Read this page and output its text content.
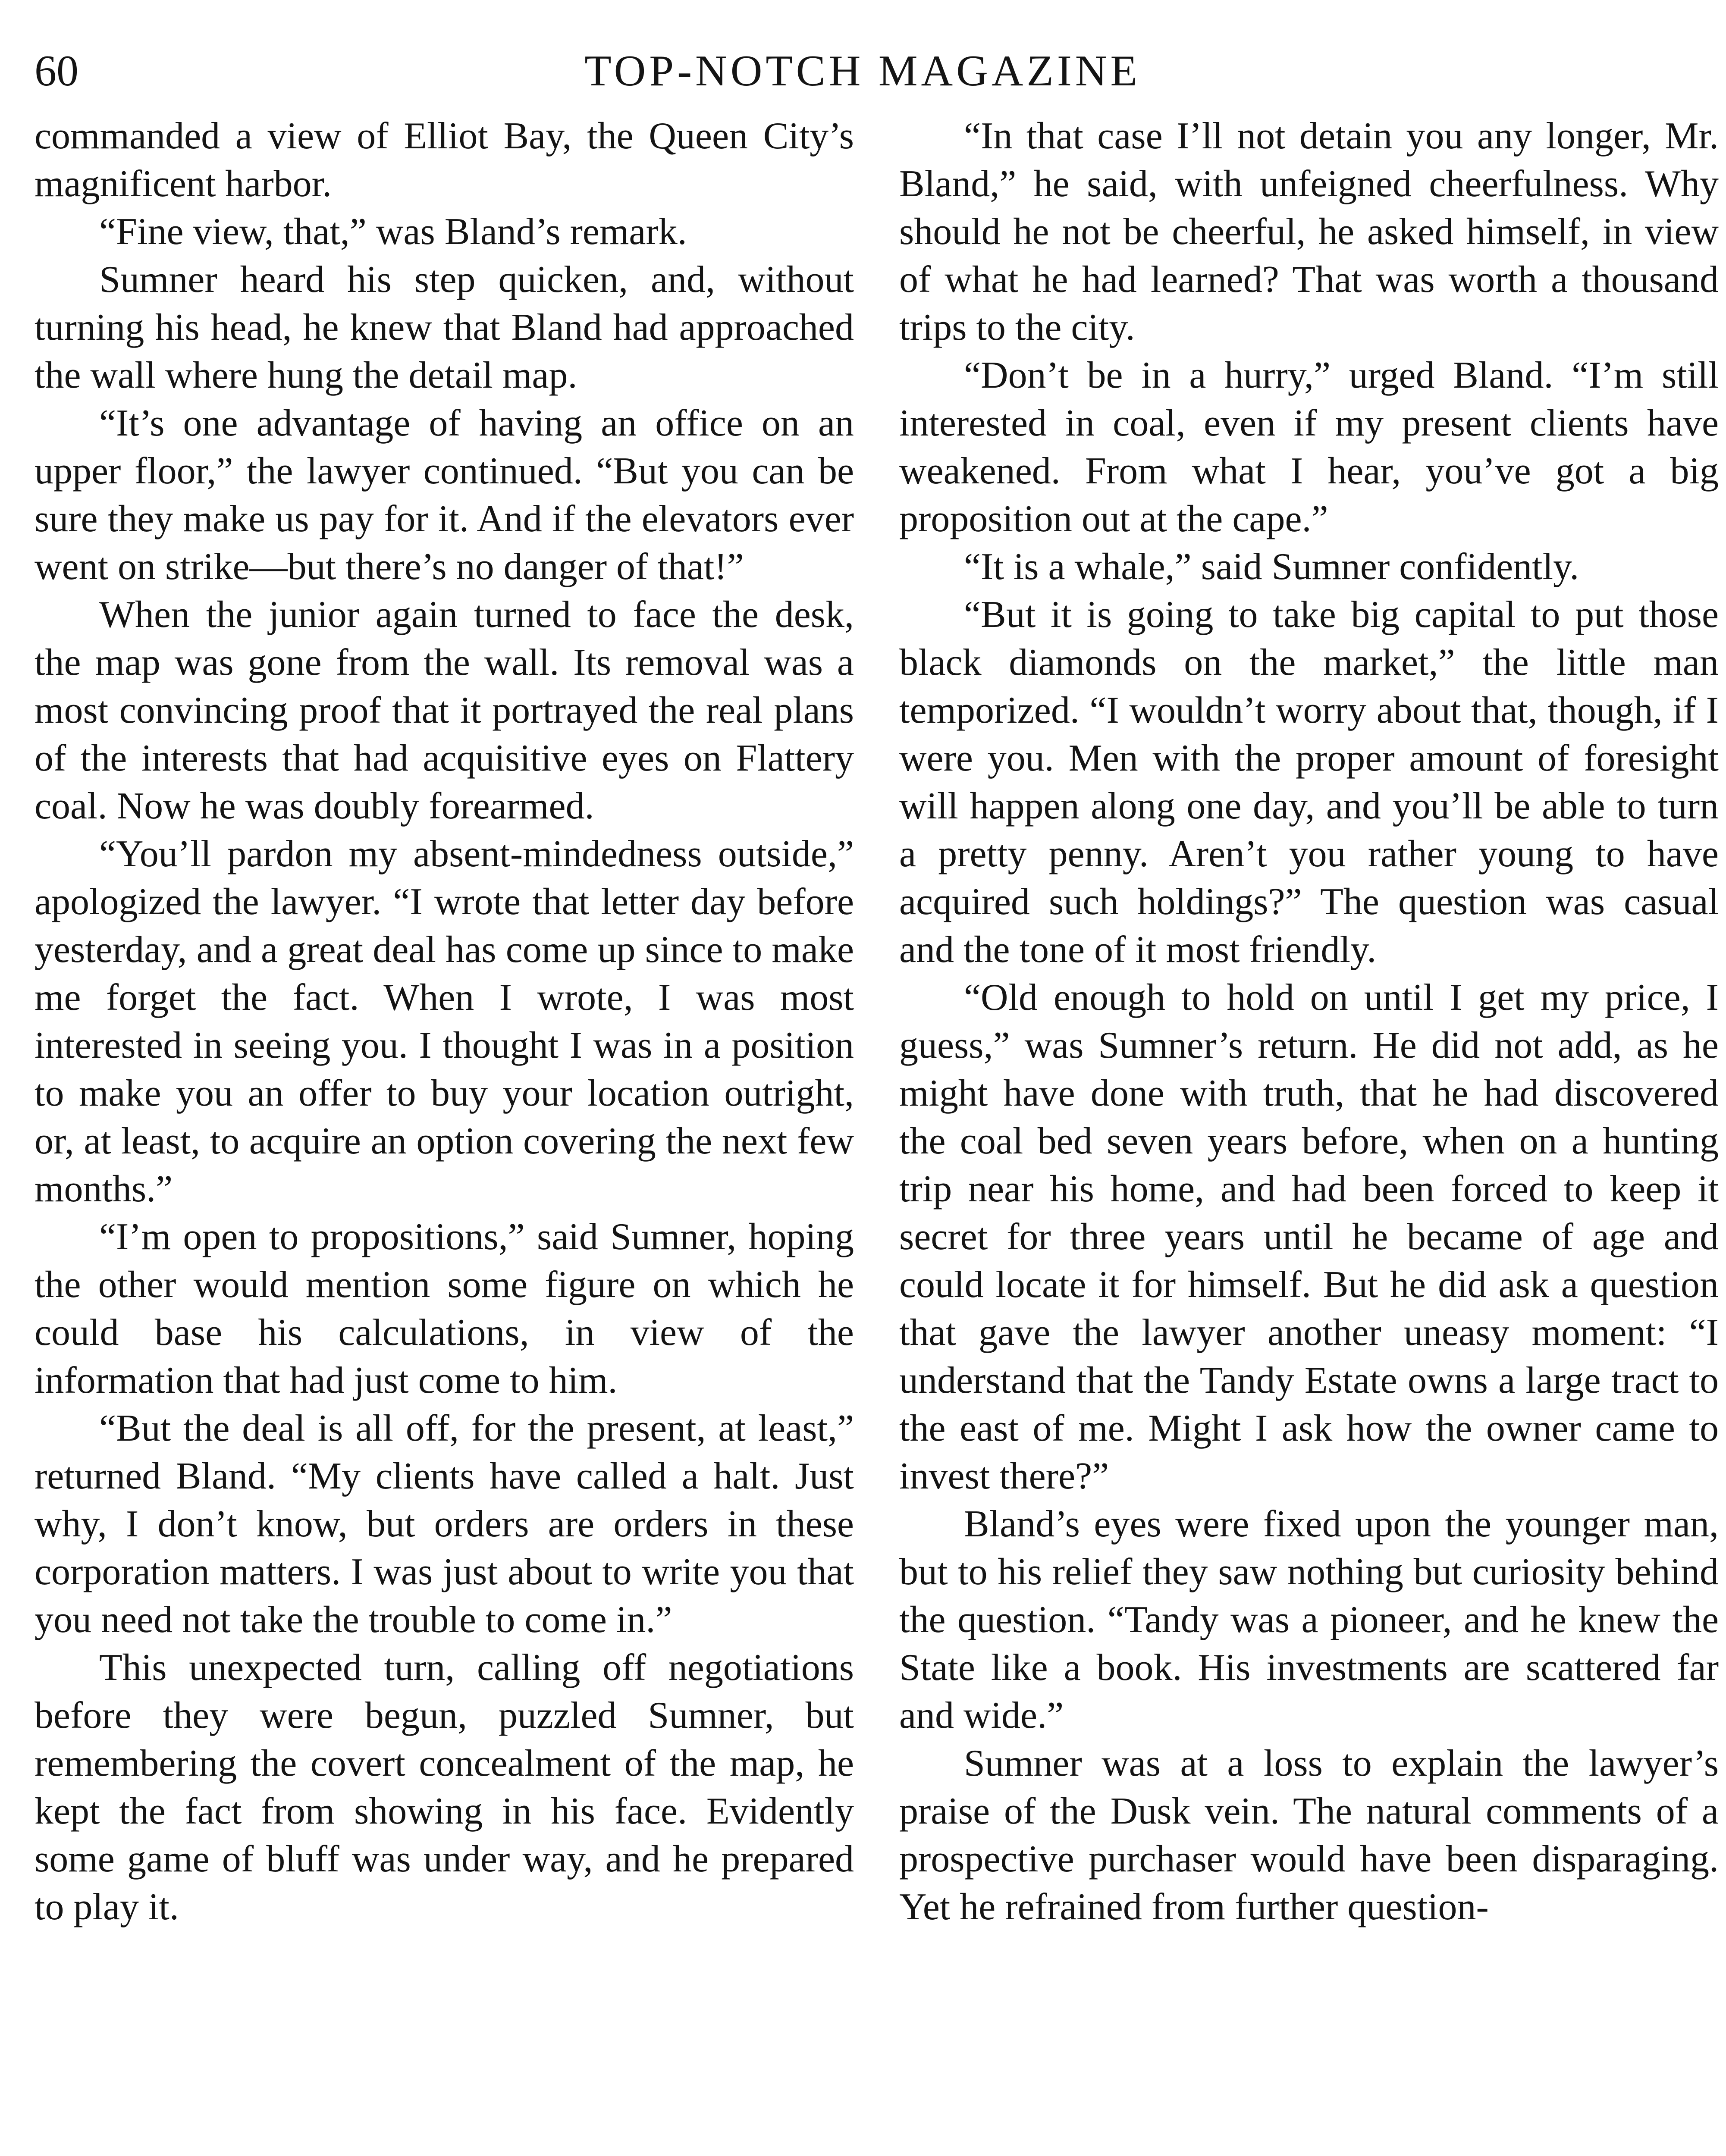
60	TOP-NOTCH MAGAZINE

commanded a view of Elliot Bay, the Queen City’s magnificent harbor.

“Fine view, that,” was Bland’s remark.

Sumner heard his step quicken, and, without turning his head, he knew that Bland had approached the wall where hung the detail map.

“It’s one advantage of having an office on an upper floor,” the lawyer continued. “But you can be sure they make us pay for it. And if the elevators ever went on strike—but there’s no danger of that!”

When the junior again turned to face the desk, the map was gone from the wall. Its removal was a most convincing proof that it portrayed the real plans of the interests that had acquisitive eyes on Flattery coal. Now he was doubly forearmed.

“You’ll pardon my absent-mindedness outside,” apologized the lawyer. “I wrote that letter day before yesterday, and a great deal has come up since to make me forget the fact. When I wrote, I was most interested in seeing you. I thought I was in a position to make you an offer to buy your location outright, or, at least, to acquire an option covering the next few months.”

“I’m open to propositions,” said Sumner, hoping the other would mention some figure on which he could base his calculations, in view of the information that had just come to him.

“But the deal is all off, for the present, at least,” returned Bland. “My clients have called a halt. Just why, I don’t know, but orders are orders in these corporation matters. I was just about to write you that you need not take the trouble to come in.”

This unexpected turn, calling off negotiations before they were begun, puzzled Sumner, but remembering the covert concealment of the map, he kept the fact from showing in his face. Evidently some game of bluff was under way, and he prepared to play it.

“In that case I’ll not detain you any longer, Mr. Bland,” he said, with unfeigned cheerfulness. Why should he not be cheerful, he asked himself, in view of what he had learned? That was worth a thousand trips to the city.

“Don’t be in a hurry,” urged Bland. “I’m still interested in coal, even if my present clients have weakened. From what I hear, you’ve got a big proposition out at the cape.”

“It is a whale,” said Sumner confidently.

“But it is going to take big capital to put those black diamonds on the market,” the little man temporized. “I wouldn’t worry about that, though, if I were you. Men with the proper amount of foresight will happen along one day, and you’ll be able to turn a pretty penny. Aren’t you rather young to have acquired such holdings?” The question was casual and the tone of it most friendly.

“Old enough to hold on until I get my price, I guess,” was Sumner’s return. He did not add, as he might have done with truth, that he had discovered the coal bed seven years before, when on a hunting trip near his home, and had been forced to keep it secret for three years until he became of age and could locate it for himself. But he did ask a question that gave the lawyer another uneasy moment: “I understand that the Tandy Estate owns a large tract to the east of me. Might I ask how the owner came to invest there?”

Bland’s eyes were fixed upon the younger man, but to his relief they saw nothing but curiosity behind the question. “Tandy was a pioneer, and he knew the State like a book. His investments are scattered far and wide.”

Sumner was at a loss to explain the lawyer’s praise of the Dusk vein. The natural comments of a prospective purchaser would have been disparaging. Yet he refrained from further question-
